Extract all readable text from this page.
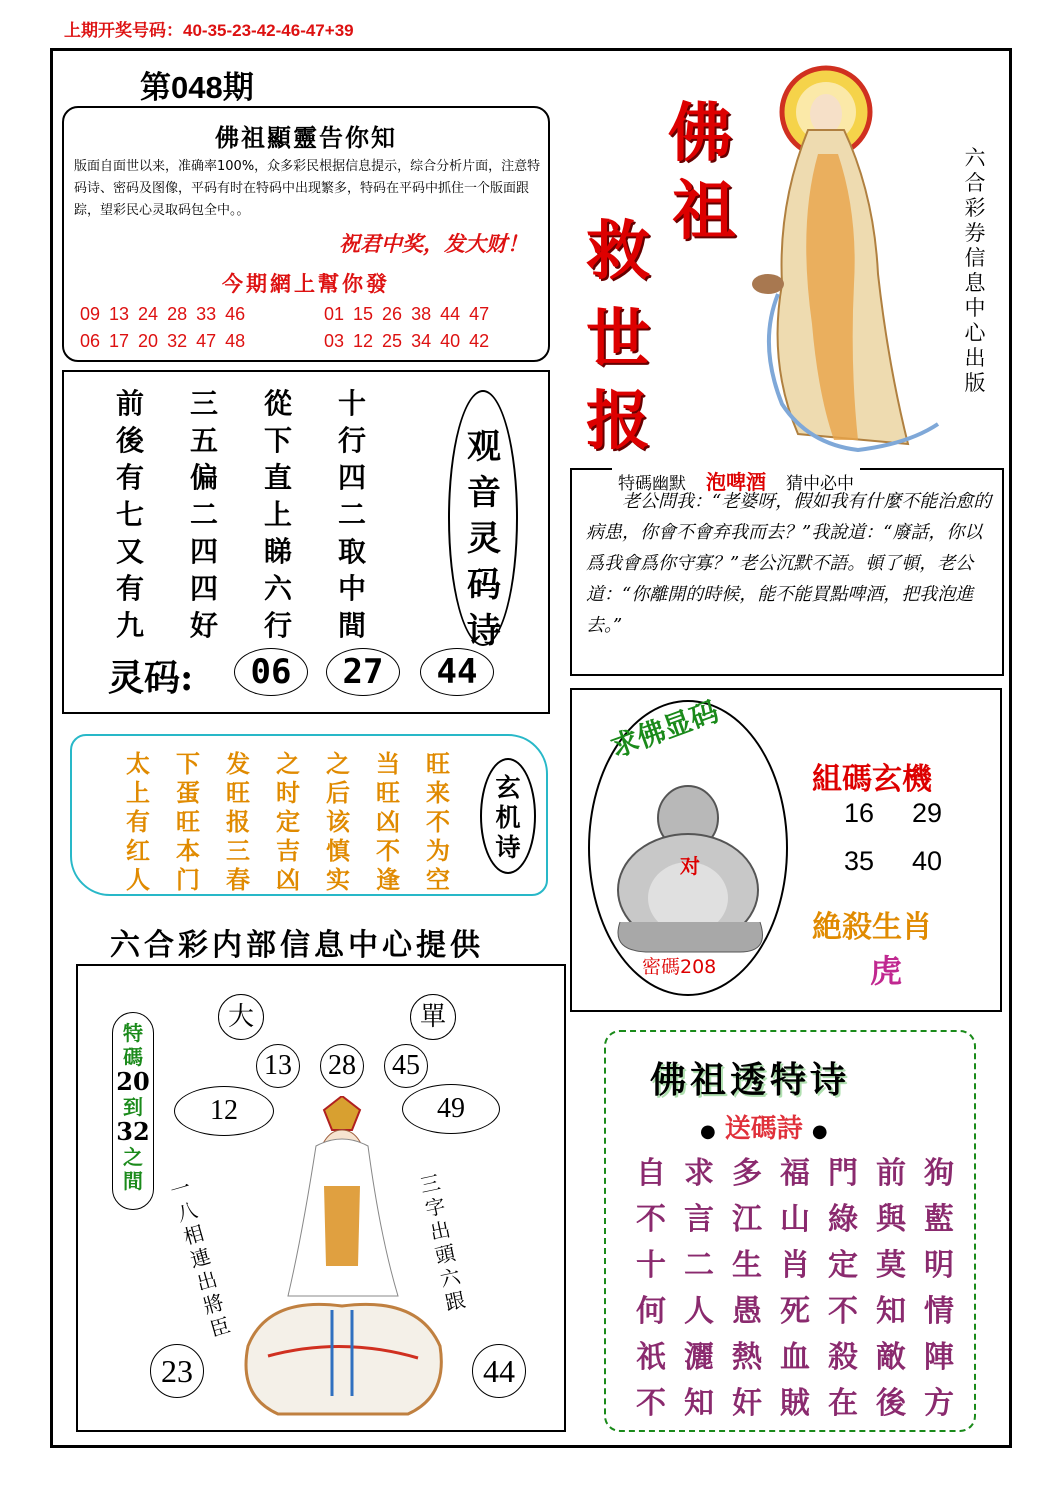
上期开奖号码：40-35-23-42-46-47+39
第048期
佛祖顯靈告你知
版面自面世以来，准确率100%，众多彩民根据信息提示，综合分析片面，注意特码诗、密码及图像，平码有时在特码中出现繁多，特码在平码中抓住一个版面跟踪，望彩民心灵取码包全中。。
祝君中奖，发大财！
今期網上幫你發
09 13 24 28 33 46	01 15 26 38 44 47
06 17 20 32 47 48	03 12 25 34 40 42
佛
祖
救
世
报
六合彩券信息中心出版
前	三	從	十
後	五	下	行
有	偏	直	四
七	二	上	二
又	四	睇	取
有	四	六	中
九	好	行	間
观音灵码诗
灵码:	06	27	44
特碼幽默 泡啤酒 猜中必中
老公問我：“老婆呀，假如我有什麼不能治愈的病患，你會不會弃我而去？”我說道：“廢話，你以爲我會爲你守寡？”老公沉默不語。頓了頓，老公道：“你離開的時候，能不能買點啤酒，把我泡進去。”
太	下	发	之	之	当	旺
上	蛋	旺	时	后	旺	来
有	旺	报	定	该	凶	不
红	本	三	吉	慎	不	为
人	门	春	凶	实	逢	空
玄机诗
六合彩内部信息中心提供
求佛显码
对
密碼208
組碼玄機
16 29
35 40
絶殺生肖
虎
大	單
13 28 45
12	49
23	44
特碼
20
到
32
之間 一八相連出將臣
三字出頭六　跟
佛祖透特诗
● 送碼詩 ●
自 求 多 福 門 前 狗
不 言 江 山 綠 與 藍
十 二 生 肖 定 莫 明
何 人 愚 死 不 知 情
祇 灑 熱 血 殺 敵 陣
不 知 奸 賊 在 後 方
